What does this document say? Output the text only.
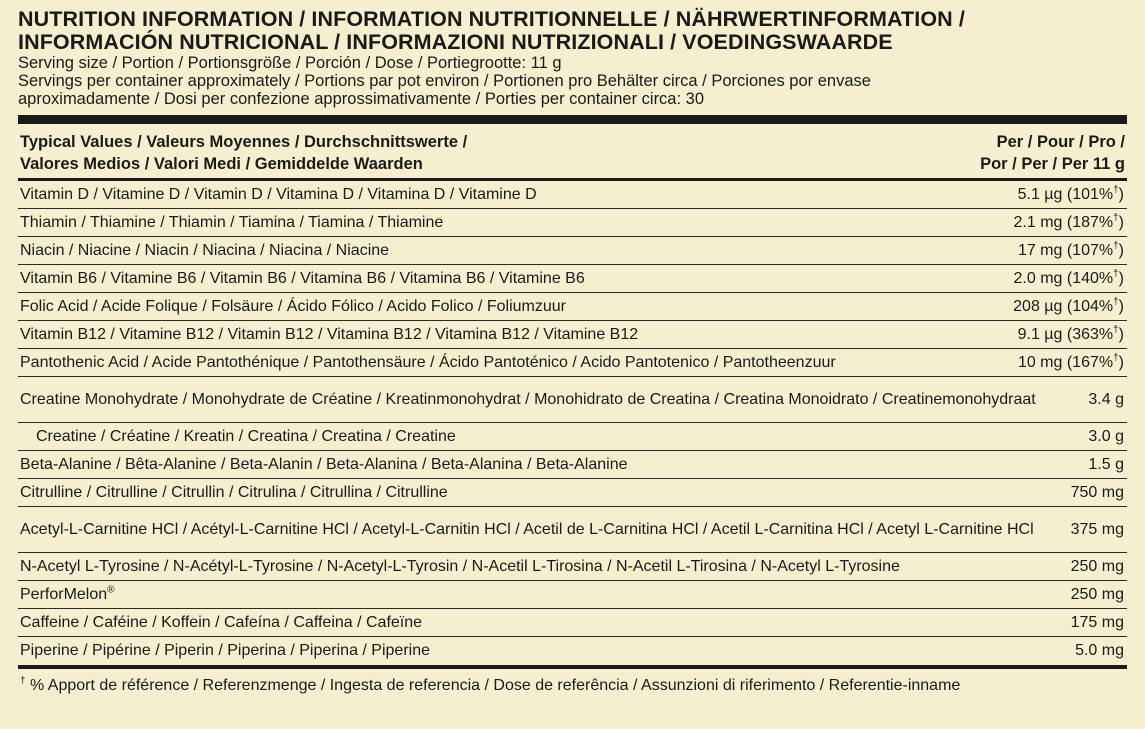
NUTRITION INFORMATION / INFORMATION NUTRITIONNELLE / NÄHRWERTINFORMATION /
INFORMACIÓN NUTRICIONAL / INFORMAZIONI NUTRIZIONALI / VOEDINGSWAARDE
Serving size / Portion / Portionsgröße / Porción / Dose / Portiegrootte: 11 g
Servings per container approximately / Portions par pot environ / Portionen pro Behälter circa / Porciones por envase
aproximadamente / Dosi per confezione approssimativamente / Porties per container circa: 30
Typical Values / Valeurs Moyennes / Durchschnittswerte /
Valores Medios / Valori Medi / Gemiddelde Waarden
Per / Pour / Pro /
Por / Per / Per 11 g
Vitamin D / Vitamine D / Vitamin D / Vitamina D / Vitamina D / Vitamine D	5.1 µg (101%†)
Thiamin / Thiamine / Thiamin / Tiamina / Tiamina / Thiamine	2.1 mg (187%†)
Niacin / Niacine / Niacin / Niacina / Niacina / Niacine	17 mg (107%†)
Vitamin B6 / Vitamine B6 / Vitamin B6 / Vitamina B6 / Vitamina B6 / Vitamine B6	2.0 mg (140%†)
Folic Acid / Acide Folique / Folsäure / Ácido Fólico / Acido Folico / Foliumzuur	208 µg (104%†)
Vitamin B12 / Vitamine B12 / Vitamin B12 / Vitamina B12 / Vitamina B12 / Vitamine B12	9.1 µg (363%†)
Pantothenic Acid / Acide Pantothénique / Pantothensäure / Ácido Pantoténico / Acido Pantotenico / Pantotheenzuur	10 mg (167%†)
Creatine Monohydrate / Monohydrate de Créatine / Kreatinmonohydrat / Monohidrato de Creatina / Creatina Monoidrato / Creatinemonohydraat	3.4 g
Creatine / Créatine / Kreatin / Creatina / Creatina / Creatine	3.0 g
Beta-Alanine / Bêta-Alanine / Beta-Alanin / Beta-Alanina / Beta-Alanina / Beta-Alanine	1.5 g
Citrulline / Citrulline / Citrullin / Citrulina / Citrullina / Citrulline	750 mg
Acetyl-L-Carnitine HCl / Acétyl-L-Carnitine HCl / Acetyl-L-Carnitin HCl / Acetil de L-Carnitina HCl / Acetil L-Carnitina HCl / Acetyl L-Carnitine HCl	375 mg
N-Acetyl L-Tyrosine / N-Acétyl-L-Tyrosine / N-Acetyl-L-Tyrosin / N-Acetil L-Tirosina / N-Acetil L-Tirosina / N-Acetyl L-Tyrosine	250 mg
PerforMelon®	250 mg
Caffeine / Caféine / Koffein / Cafeína / Caffeina / Cafeïne	175 mg
Piperine / Pipérine / Piperin / Piperina / Piperina / Piperine	5.0 mg
† % Apport de référence / Referenzmenge / Ingesta de referencia / Dose de referência / Assunzioni di riferimento / Referentie-inname
